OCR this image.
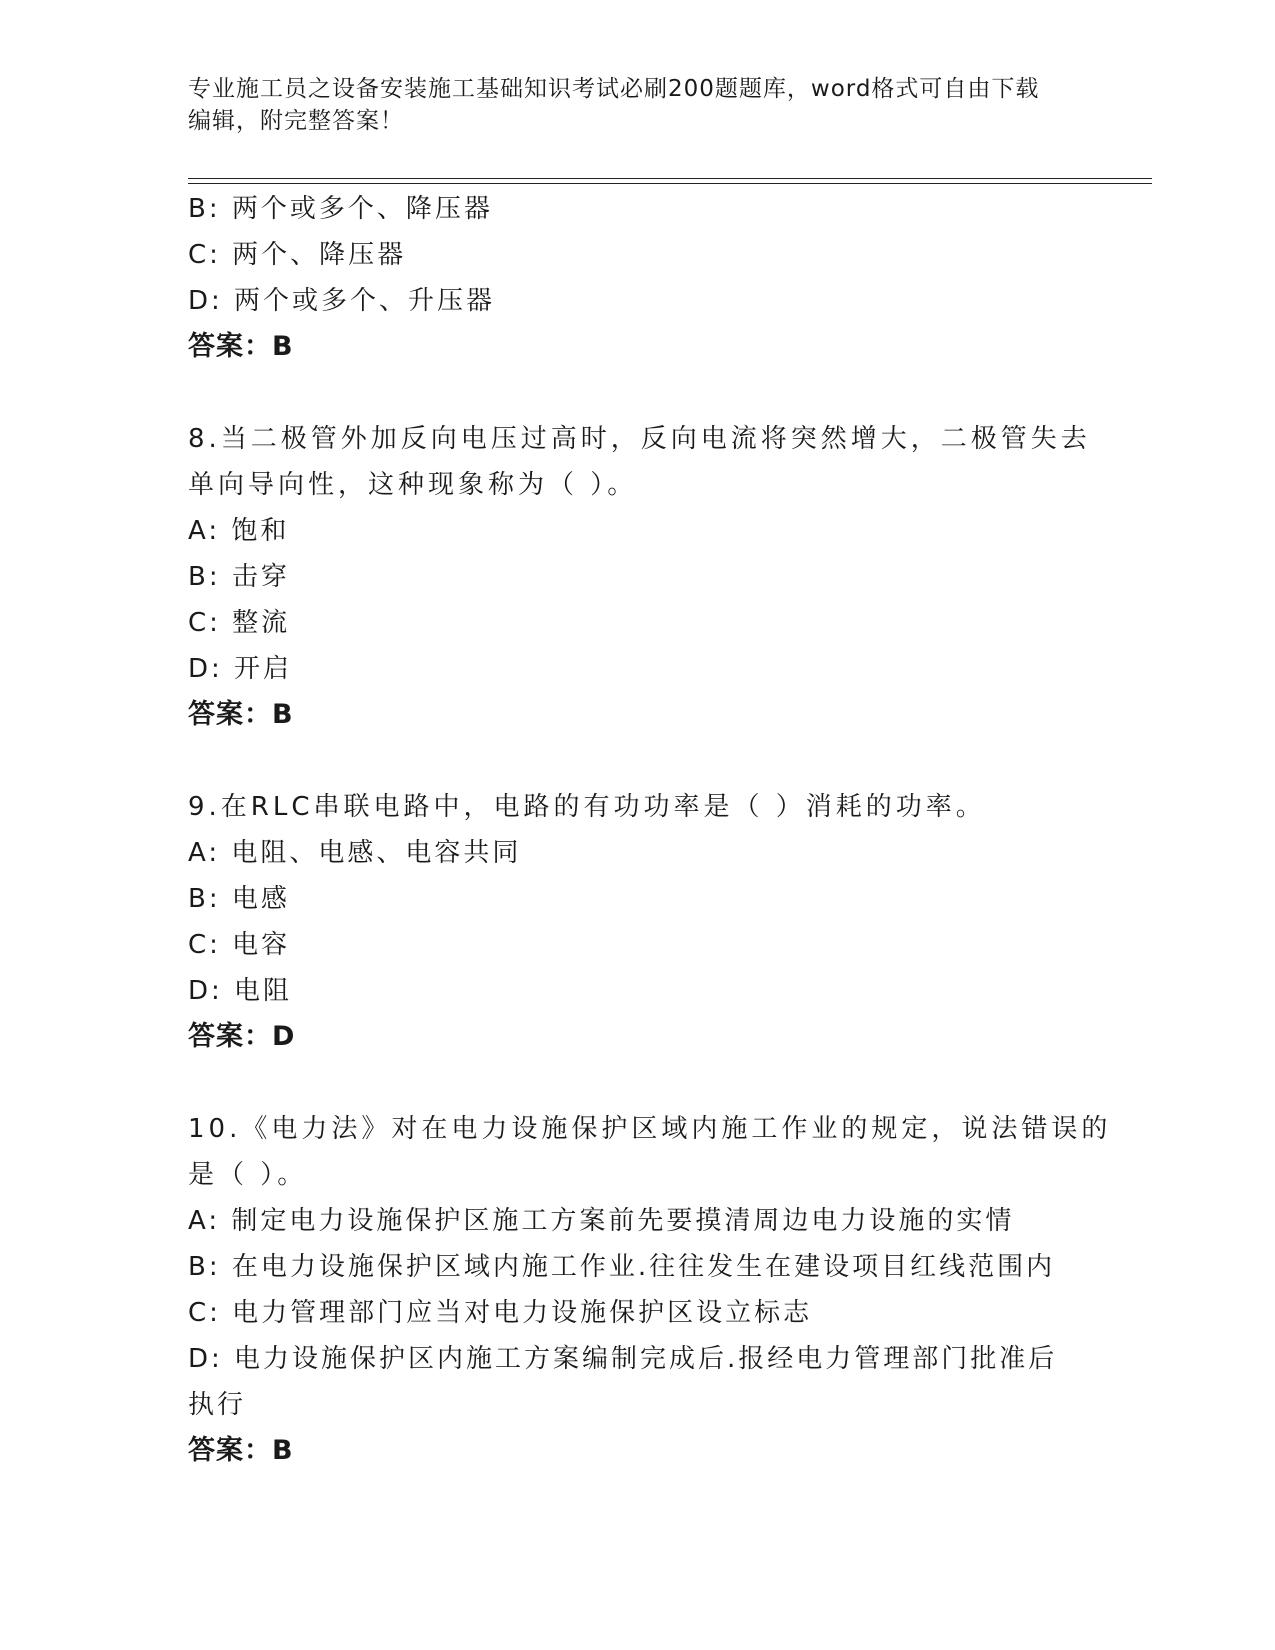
专业施工员之设备安装施工基础知识考试必刷200题题库，word格式可自由下载
编辑，附完整答案！
B: 两个或多个、降压器
C: 两个、降压器
D: 两个或多个、升压器
答案：B
8.当二极管外加反向电压过高时，反向电流将突然增大，二极管失去
单向导向性，这种现象称为（ ）。
A: 饱和
B: 击穿
C: 整流
D: 开启
答案：B
9.在RLC串联电路中，电路的有功功率是（ ）消耗的功率。
A: 电阻、电感、电容共同
B: 电感
C: 电容
D: 电阻
答案：D
10.《电力法》对在电力设施保护区域内施工作业的规定，说法错误的
是（ ）。
A: 制定电力设施保护区施工方案前先要摸清周边电力设施的实情
B: 在电力设施保护区域内施工作业.往往发生在建设项目红线范围内
C: 电力管理部门应当对电力设施保护区设立标志
D: 电力设施保护区内施工方案编制完成后.报经电力管理部门批准后
执行
答案：B
